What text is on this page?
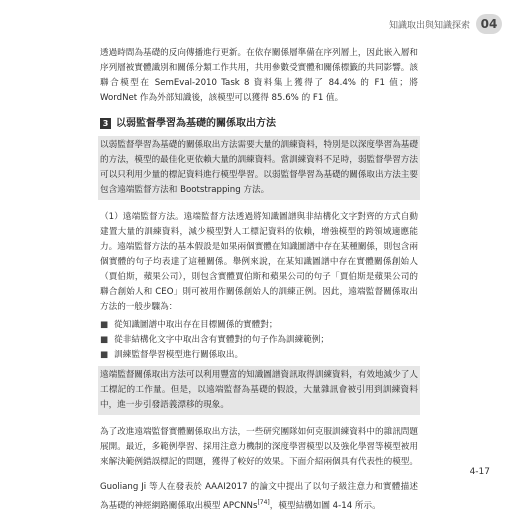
知識取出與知識探索 04

透過時間為基礎的反向傳播進行更新。在依存關係層準備在序列層上，因此嵌入層和序列層被實體識別和關係分類工作共用，共用參數受實體和關係標籤的共同影響。該聯合模型在 SemEval-2010 Task 8 資料集上獲得了 84.4% 的 F1 值；將 WordNet 作為外部知識後，該模型可以獲得 85.6% 的 F1 值。

3 以弱監督學習為基礎的關係取出方法

以弱監督學習為基礎的關係取出方法需要大量的訓練資料，特別是以深度學習為基礎的方法，模型的最佳化更依賴大量的訓練資料。當訓練資料不足時，弱監督學習方法可以只利用少量的標記資料進行模型學習。以弱監督學習為基礎的關係取出方法主要包含遠端監督方法和 Bootstrapping 方法。

（1）遠端監督方法。遠端監督方法透過將知識圖譜與非結構化文字對齊的方式自動建置大量的訓練資料，減少模型對人工標記資料的依賴，增強模型的跨領域適應能力。遠端監督方法的基本假設是如果兩個實體在知識圖譜中存在某種關係，則包含兩個實體的句子均表達了這種關係。舉例來說，在某知識圖譜中存在實體關係創始人（賈伯斯，蘋果公司），則包含實體賈伯斯和蘋果公司的句子「賈伯斯是蘋果公司的聯合創始人和 CEO」則可被用作關係創始人的訓練正例。因此，遠端監督關係取出方法的一般步驟為：

■ 從知識圖譜中取出存在目標關係的實體對；
■ 從非結構化文字中取出含有實體對的句子作為訓練範例；
■ 訓練監督學習模型進行關係取出。

遠端監督關係取出方法可以利用豐富的知識圖譜資訊取得訓練資料，有效地減少了人工標記的工作量。但是，以遠端監督為基礎的假設，大量雜訊會被引用到訓練資料中，進一步引發語義漂移的現象。

為了改進遠端監督實體關係取出方法，一些研究團隊如何克服訓練資料中的雜訊問題展開。最近，多範例學習、採用注意力機制的深度學習模型以及強化學習等模型被用來解決範例錯誤標記的問題，獲得了較好的效果。下面介紹兩個具有代表性的模型。

Guoliang Ji 等人在發表於 AAAI2017 的論文中提出了以句子級注意力和實體描述為基礎的神經網路關係取出模型 APCNNs[74]，模型結構如圖 4-14 所示。

4-17
